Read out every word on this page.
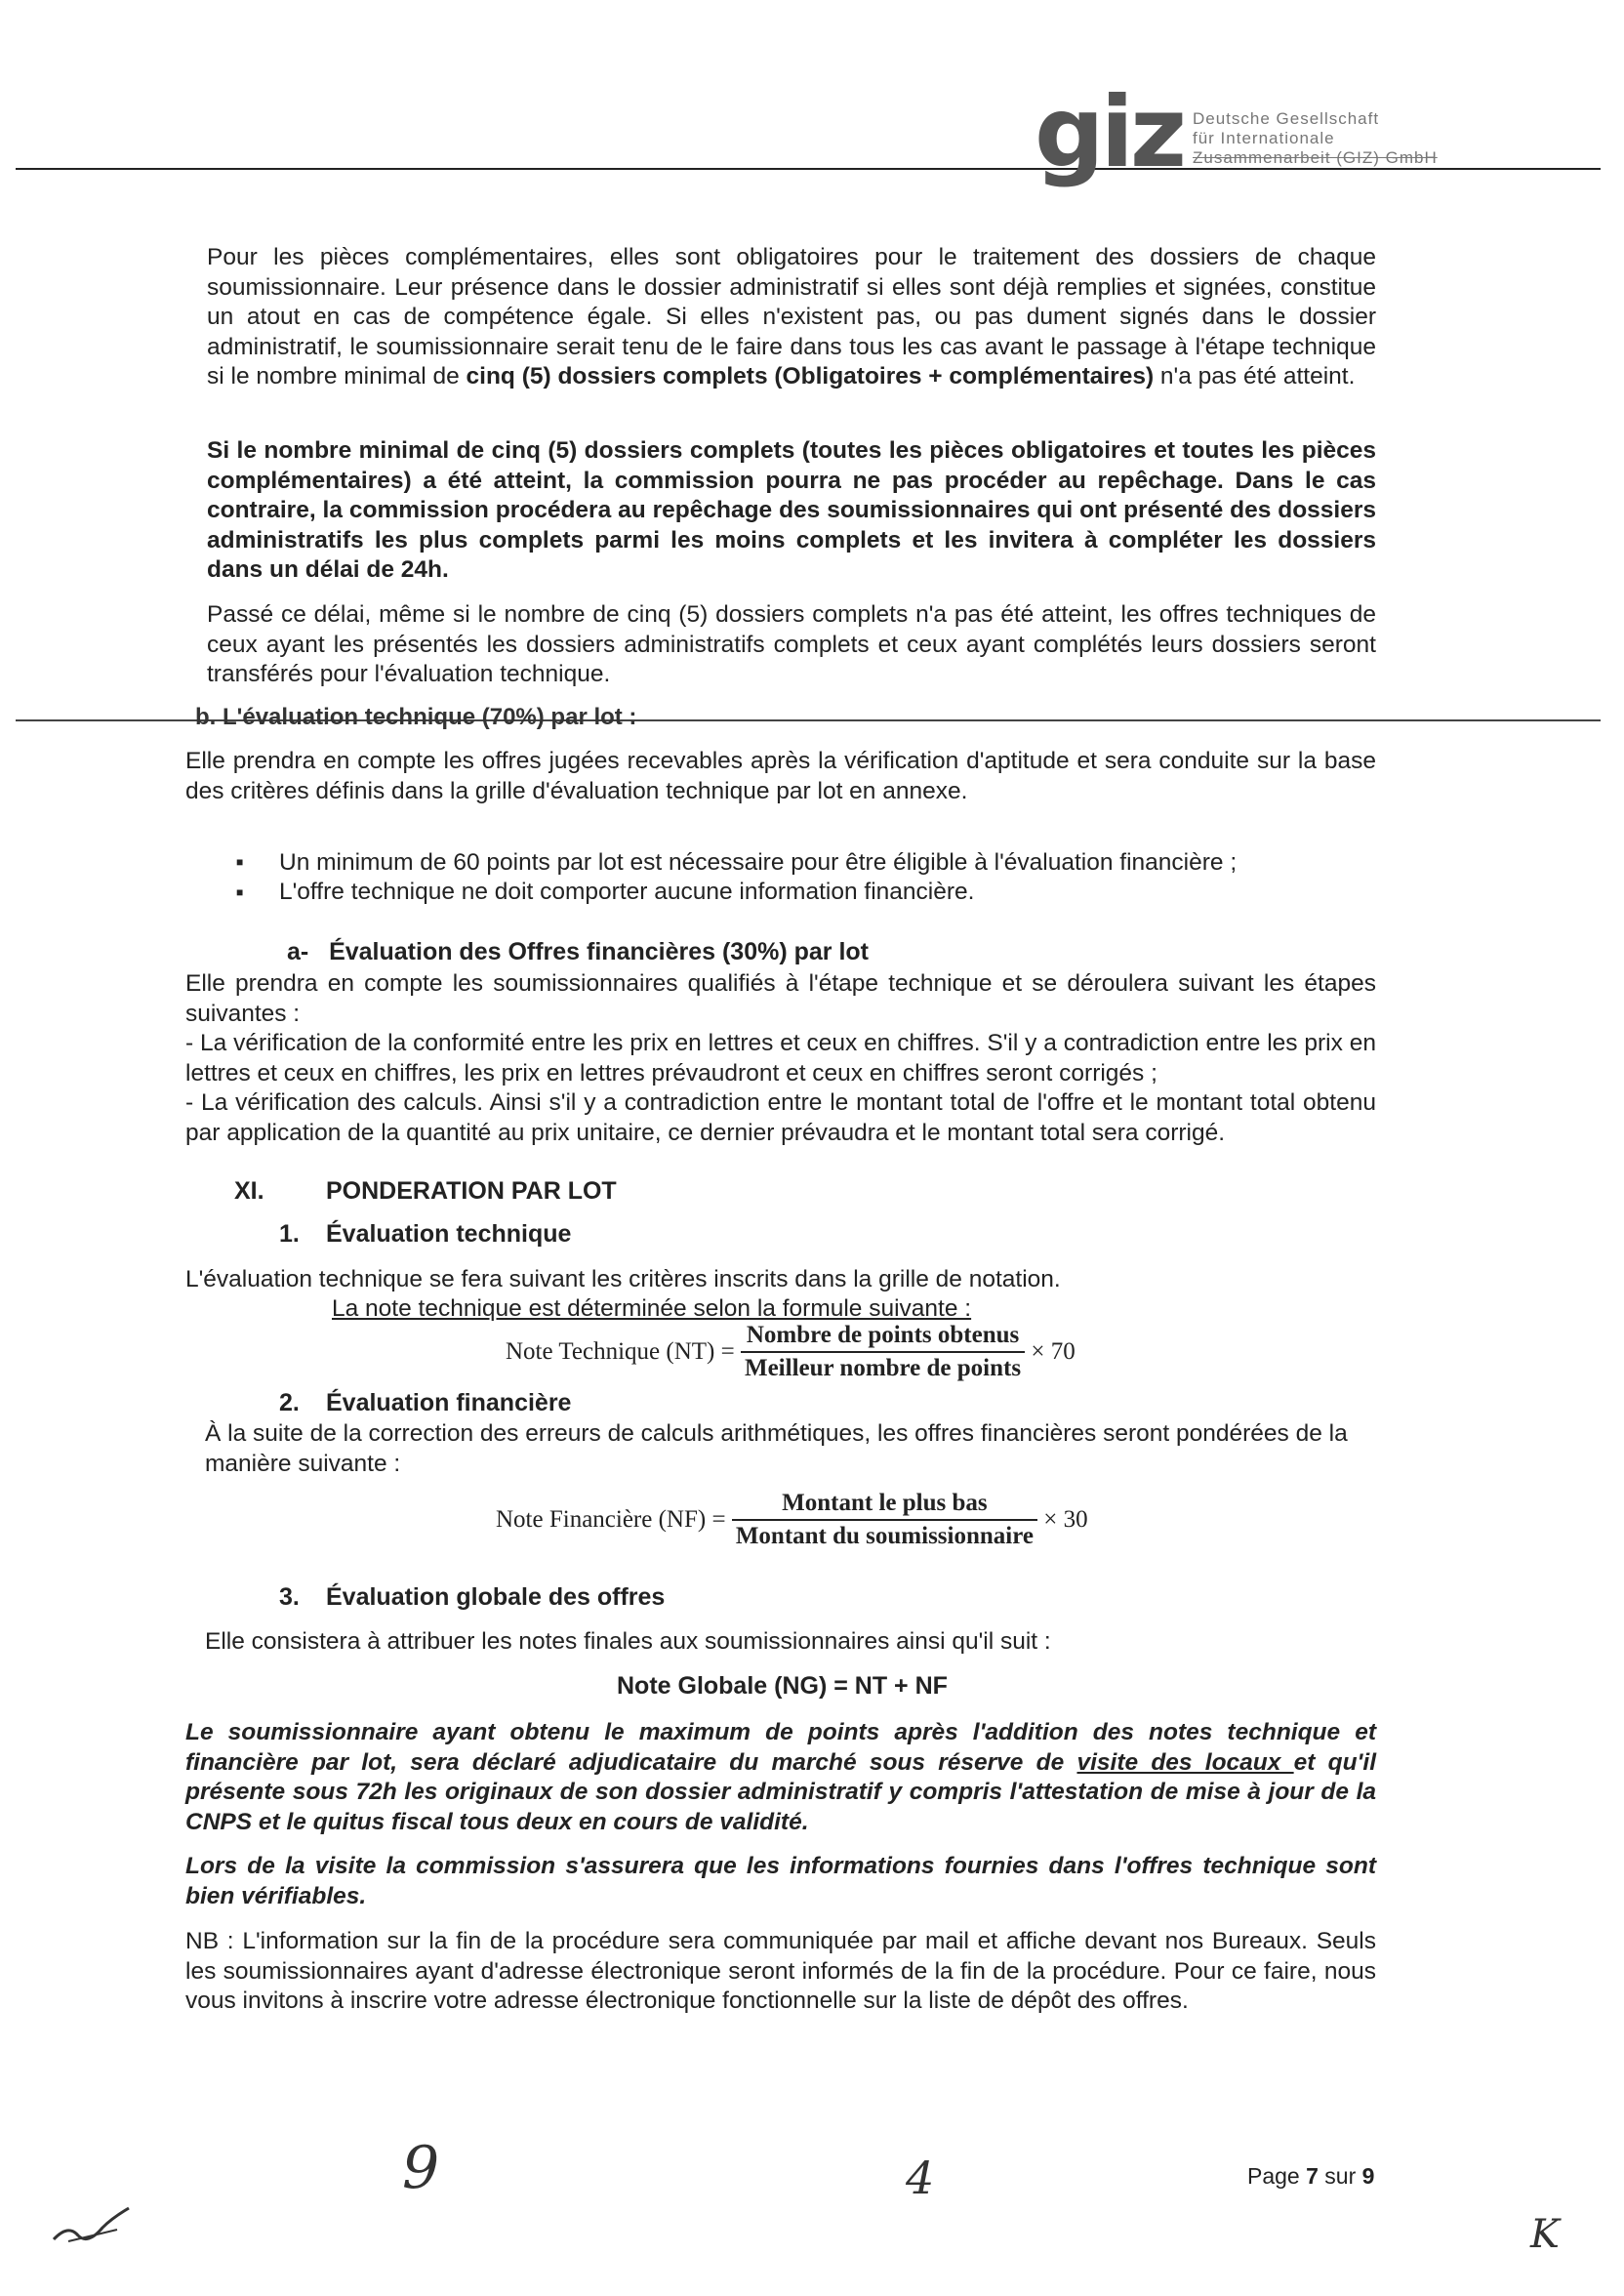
giz Deutsche Gesellschaft
für Internationale
Zusammenarbeit (GIZ) GmbH
Pour les pièces complémentaires, elles sont obligatoires pour le traitement des dossiers de chaque soumissionnaire. Leur présence dans le dossier administratif si elles sont déjà remplies et signées, constitue un atout en cas de compétence égale. Si elles n'existent pas, ou pas dument signés dans le dossier administratif, le soumissionnaire serait tenu de le faire dans tous les cas avant le passage à l'étape technique si le nombre minimal de cinq (5) dossiers complets (Obligatoires + complémentaires) n'a pas été atteint.
Si le nombre minimal de cinq (5) dossiers complets (toutes les pièces obligatoires et toutes les pièces complémentaires) a été atteint, la commission pourra ne pas procéder au repêchage. Dans le cas contraire, la commission procédera au repêchage des soumissionnaires qui ont présenté des dossiers administratifs les plus complets parmi les moins complets et les invitera à compléter les dossiers dans un délai de 24h.
Passé ce délai, même si le nombre de cinq (5) dossiers complets n'a pas été atteint, les offres techniques de ceux ayant les présentés les dossiers administratifs complets et ceux ayant complétés leurs dossiers seront transférés pour l'évaluation technique.
b. L'évaluation technique (70%) par lot :
Elle prendra en compte les offres jugées recevables après la vérification d'aptitude et sera conduite sur la base des critères définis dans la grille d'évaluation technique par lot en annexe.
■ Un minimum de 60 points par lot est nécessaire pour être éligible à l'évaluation financière ;
■ L'offre technique ne doit comporter aucune information financière.
a-   Évaluation des Offres financières (30%) par lot
Elle prendra en compte les soumissionnaires qualifiés à l'étape technique et se déroulera suivant les étapes suivantes :
- La vérification de la conformité entre les prix en lettres et ceux en chiffres. S'il y a contradiction entre les prix en lettres et ceux en chiffres, les prix en lettres prévaudront et ceux en chiffres seront corrigés ;
- La vérification des calculs. Ainsi s'il y a contradiction entre le montant total de l'offre et le montant total obtenu par application de la quantité au prix unitaire, ce dernier prévaudra et le montant total sera corrigé.
XI.	PONDERATION PAR LOT
1. Évaluation technique
L'évaluation technique se fera suivant les critères inscrits dans la grille de notation.
La note technique est déterminée selon la formule suivante :
Note Technique $(NT) = \frac{\text{Nombre de points obtenus}}{\text{Meilleur nombre de points}} \times 70$
2. Évaluation financière
À la suite de la correction des erreurs de calculs arithmétiques, les offres financières seront pondérées de la manière suivante :
Note Financière $(NF) = \frac{\text{Montant le plus bas}}{\text{Montant du soumissionnaire}} \times 30$
3. Évaluation globale des offres
Elle consistera à attribuer les notes finales aux soumissionnaires ainsi qu'il suit :
Note Globale (NG) = NT + NF
Le soumissionnaire ayant obtenu le maximum de points après l'addition des notes technique et financière par lot, sera déclaré adjudicataire du marché sous réserve de visite des locaux et qu'il présente sous 72h les originaux de son dossier administratif y compris l'attestation de mise à jour de la CNPS et le quitus fiscal tous deux en cours de validité.
Lors de la visite la commission s'assurera que les informations fournies dans l'offres technique sont bien vérifiables.
NB : L'information sur la fin de la procédure sera communiquée par mail et affiche devant nos Bureaux. Seuls les soumissionnaires ayant d'adresse électronique seront informés de la fin de la procédure. Pour ce faire, nous vous invitons à inscrire votre adresse électronique fonctionnelle sur la liste de dépôt des offres.
Page 7 sur 9
9	4
K
